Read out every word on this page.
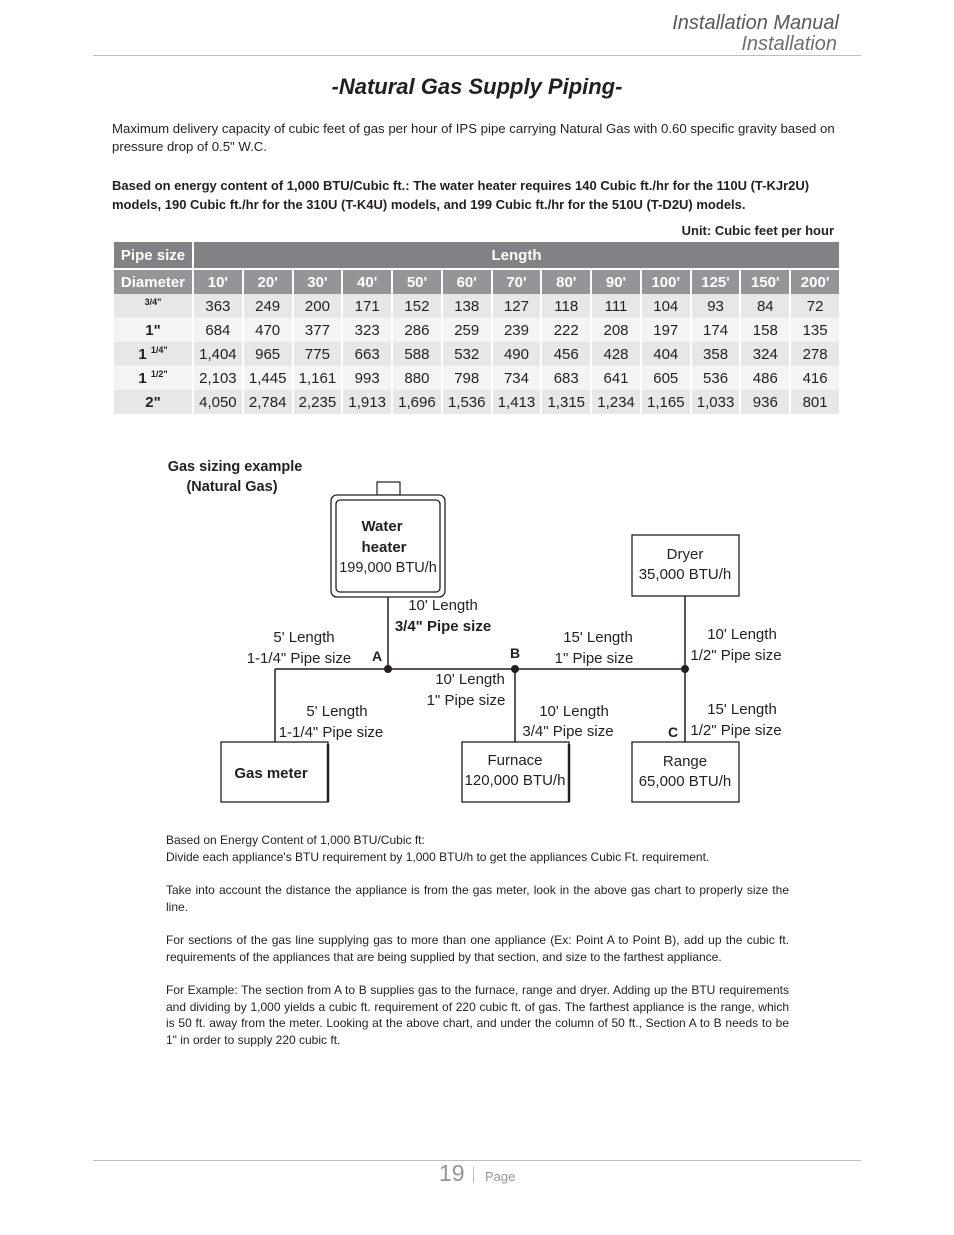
Installation Manual
Installation
-Natural Gas Supply Piping-
Maximum delivery capacity of cubic feet of gas per hour of IPS pipe carrying Natural Gas with 0.60 specific gravity based on pressure drop of 0.5" W.C.
Based on energy content of 1,000 BTU/Cubic ft.: The water heater requires 140 Cubic ft./hr for the 110U (T-KJr2U) models, 190 Cubic ft./hr for the 310U (T-K4U) models, and 199 Cubic ft./hr for the 510U (T-D2U) models.
Unit: Cubic feet per hour
Pipe size	Length												
Diameter	10'	20'	30'	40'	50'	60'	70'	80'	90'	100'	125'	150'	200'
$^{3/4"}$	363	249	200	171	152	138	127	118	111	104	93	84	72
1"	684	470	377	323	286	259	239	222	208	197	174	158	135
1 $^{1/4"}$	1,404	965	775	663	588	532	490	456	428	404	358	324	278
1 $^{1/2"}$	2,103	1,445	1,161	993	880	798	734	683	641	605	536	486	416
2"	4,050	2,784	2,235	1,913	1,696	1,536	1,413	1,315	1,234	1,165	1,033	936	801
Gas sizing example
(Natural Gas)
Water
heater
199,000 BTU/h
Dryer
35,000 BTU/h
Gas meter
Furnace
120,000 BTU/h
Range
65,000 BTU/h
10' Length
3/4" Pipe size
5' Length
1-1/4" Pipe size
5' Length
1-1/4" Pipe size
10' Length
1" Pipe size
15' Length
1" Pipe size
10' Length
1/2" Pipe size
10' Length
3/4" Pipe size
15' Length
1/2" Pipe size
A	B
C

Based on Energy Content of 1,000 BTU/Cubic ft:
Divide each appliance's BTU requirement by 1,000 BTU/h to get the appliances Cubic Ft. requirement.

Take into account the distance the appliance is from the gas meter, look in the above gas chart to properly size the line.

For sections of the gas line supplying gas to more than one appliance (Ex: Point A to Point B), add up the cubic ft. requirements of the appliances that are being supplied by that section, and size to the farthest appliance.

For Example: The section from A to B supplies gas to the furnace, range and dryer. Adding up the BTU requirements and dividing by 1,000 yields a cubic ft. requirement of 220 cubic ft. of gas. The farthest appliance is the range, which is 50 ft. away from the meter. Looking at the above chart, and under the column of 50 ft., Section A to B needs to be 1" in order to supply 220 cubic ft.

19 Page
